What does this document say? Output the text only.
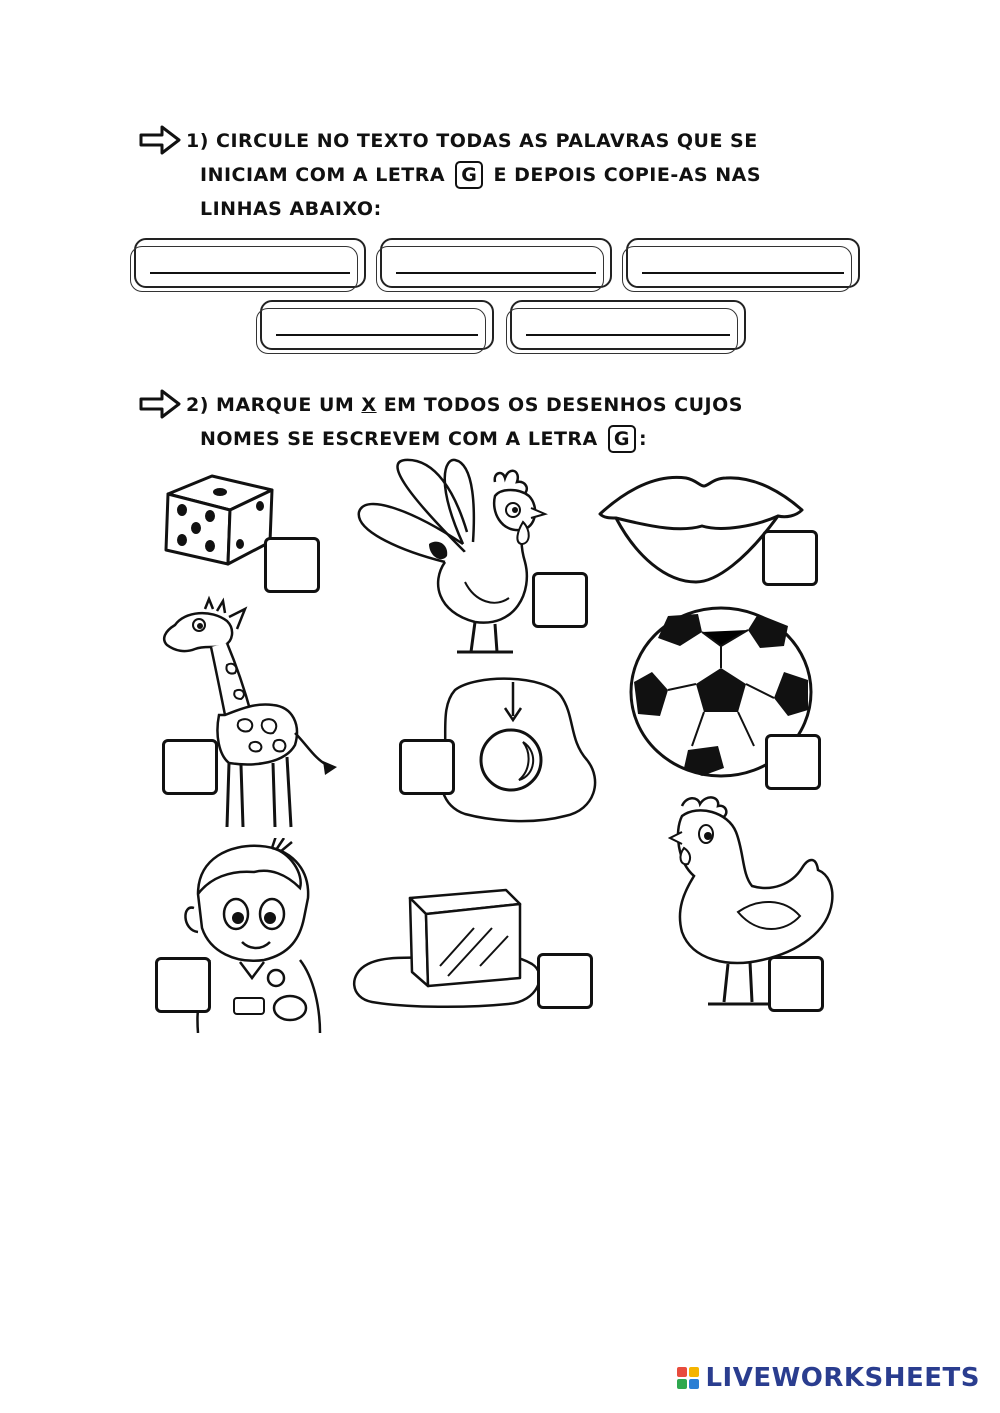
1) CIRCULE NO TEXTO TODAS AS PALAVRAS QUE SE
INICIAM COM A LETRA G E DEPOIS COPIE-AS NAS
LINHAS ABAIXO:
2) MARQUE UM X EM TODOS OS DESENHOS CUJOS
NOMES SE ESCREVEM COM A LETRA G :
LIVEWORKSHEETS
